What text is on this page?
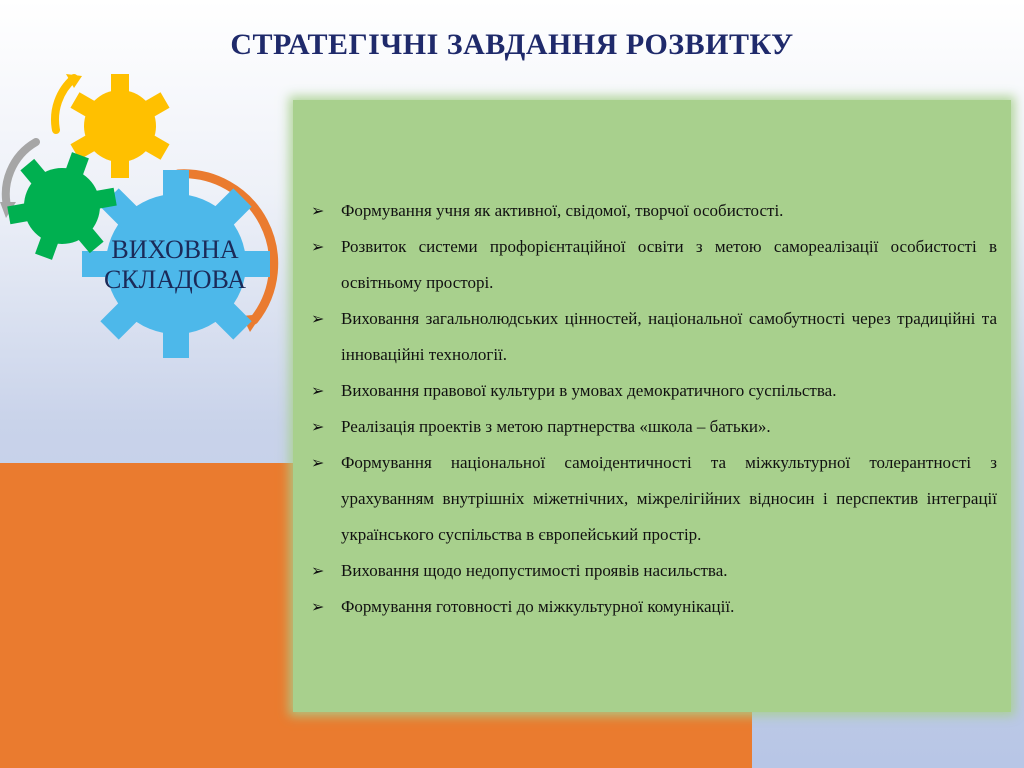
СТРАТЕГІЧНІ ЗАВДАННЯ РОЗВИТКУ
ВИХОВНА
СКЛАДОВА
➢ Формування учня як активної, свідомої, творчої особистості.
➢ Розвиток системи профорієнтаційної освіти з метою самореалізації особистості в освітньому просторі.
➢ Виховання загальнолюдських цінностей, національної самобутності через традиційні та інноваційні технології.
➢ Виховання правової культури в умовах демократичного суспільства.
➢ Реалізація проектів з метою партнерства «школа – батьки».
➢ Формування національної самоідентичності та міжкультурної толерантності з урахуванням внутрішніх міжетнічних, міжрелігійних відносин і перспектив інтеграції українського суспільства в європейський простір.
➢ Виховання щодо недопустимості проявів насильства.
➢ Формування готовності до міжкультурної комунікації.
